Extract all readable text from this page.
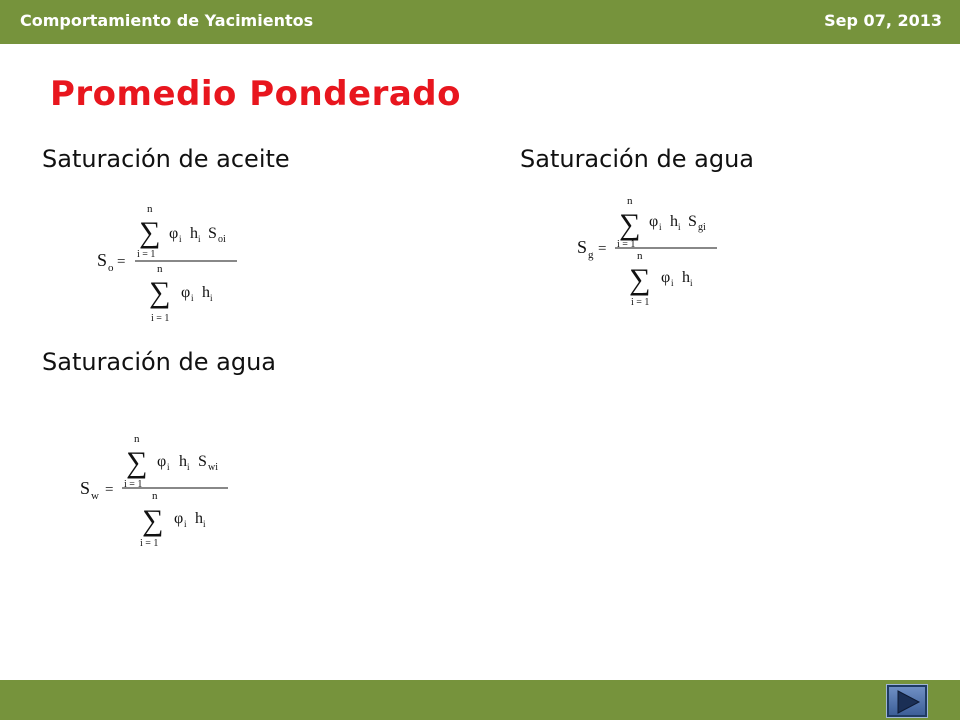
Comportamiento de Yacimientos	Sep 07, 2013
Promedio Ponderado
Saturación de aceite	Saturación de agua
Saturación de agua
n
∑
i = 1
φ i h i S oi
S o =	n
∑
i = 1
φ i h i
n
∑
i = 1
φ i h i S gi
S g =	n
∑
i = 1
φ i h i
n
∑
i = 1
φ i h i S wi
S w =	n
∑
i = 1
φ i h i
